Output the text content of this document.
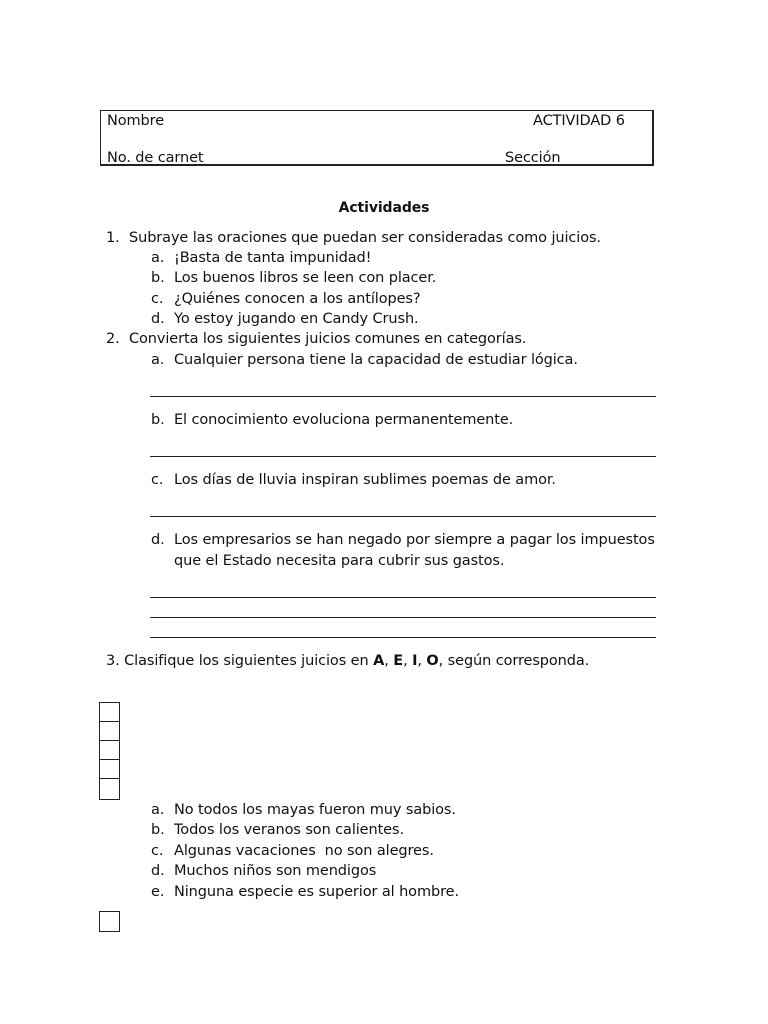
Nombre	ACTIVIDAD 6
No. de carnet	Sección
Actividades
1. Subraye las oraciones que puedan ser consideradas como juicios.
a. ¡Basta de tanta impunidad!
b. Los buenos libros se leen con placer.
c. ¿Quiénes conocen a los antílopes?
d. Yo estoy jugando en Candy Crush.
2. Convierta los siguientes juicios comunes en categorías.
a. Cualquier persona tiene la capacidad de estudiar lógica.
b. El conocimiento evoluciona permanentemente.
c. Los días de lluvia inspiran sublimes poemas de amor.
d. Los empresarios se han negado por siempre a pagar los impuestos
que el Estado necesita para cubrir sus gastos.
3. Clasifique los siguientes juicios en A, E, I, O, según corresponda.
a. No todos los mayas fueron muy sabios.
b. Todos los veranos son calientes.
c. Algunas vacaciones  no son alegres.
d. Muchos niños son mendigos
e. Ninguna especie es superior al hombre.
